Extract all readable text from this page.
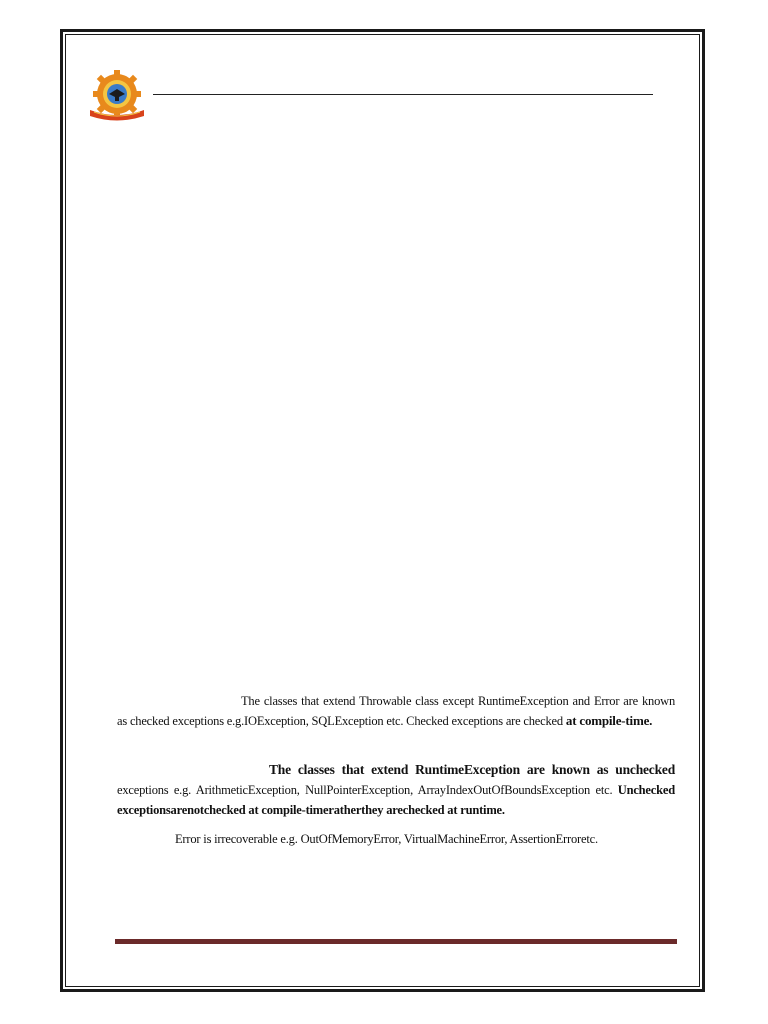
The classes that extend Throwable class except RuntimeException and Error are known as checked exceptions e.g.IOException, SQLException etc. Checked exceptions are checked at compile-time.
The classes that extend RuntimeException are known as unchecked exceptions e.g. ArithmeticException, NullPointerException, ArrayIndexOutOfBoundsException etc. Unchecked exceptionsarenotchecked at compile-timeratherthey arechecked at runtime.
Error is irrecoverable e.g. OutOfMemoryError, VirtualMachineError, AssertionErroretc.
